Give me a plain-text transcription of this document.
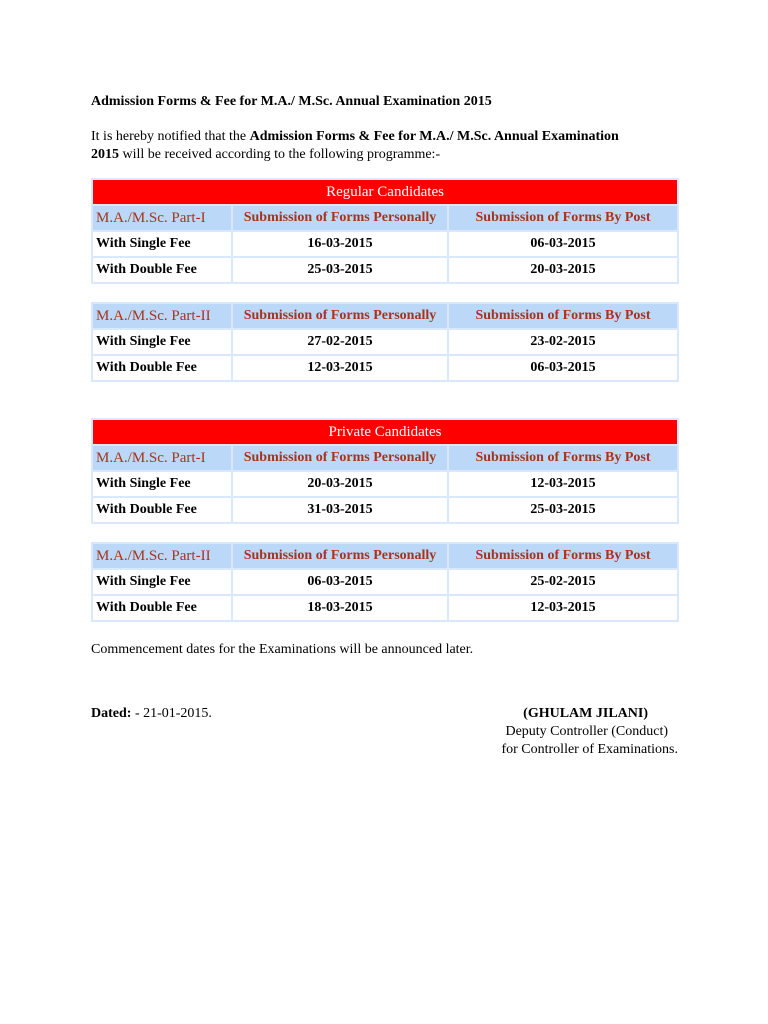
Admission Forms & Fee for M.A./ M.Sc. Annual Examination 2015

It is hereby notified that the Admission Forms & Fee for M.A./ M.Sc. Annual Examination
2015 will be received according to the following programme:-

Regular Candidates		
M.A./M.Sc. Part-I	Submission of Forms Personally	Submission of Forms By Post
With Single Fee	16-03-2015	06-03-2015
With Double Fee	25-03-2015	20-03-2015
M.A./M.Sc. Part-II	Submission of Forms Personally	Submission of Forms By Post
With Single Fee	27-02-2015	23-02-2015
With Double Fee	12-03-2015	06-03-2015
Private Candidates		
M.A./M.Sc. Part-I	Submission of Forms Personally	Submission of Forms By Post
With Single Fee	20-03-2015	12-03-2015
With Double Fee	31-03-2015	25-03-2015
M.A./M.Sc. Part-II	Submission of Forms Personally	Submission of Forms By Post
With Single Fee	06-03-2015	25-02-2015
With Double Fee	18-03-2015	12-03-2015

Commencement dates for the Examinations will be announced later.

Dated: - 21-01-2015.	(GHULAM JILANI)
Deputy Controller (Conduct)
for Controller of Examinations.
